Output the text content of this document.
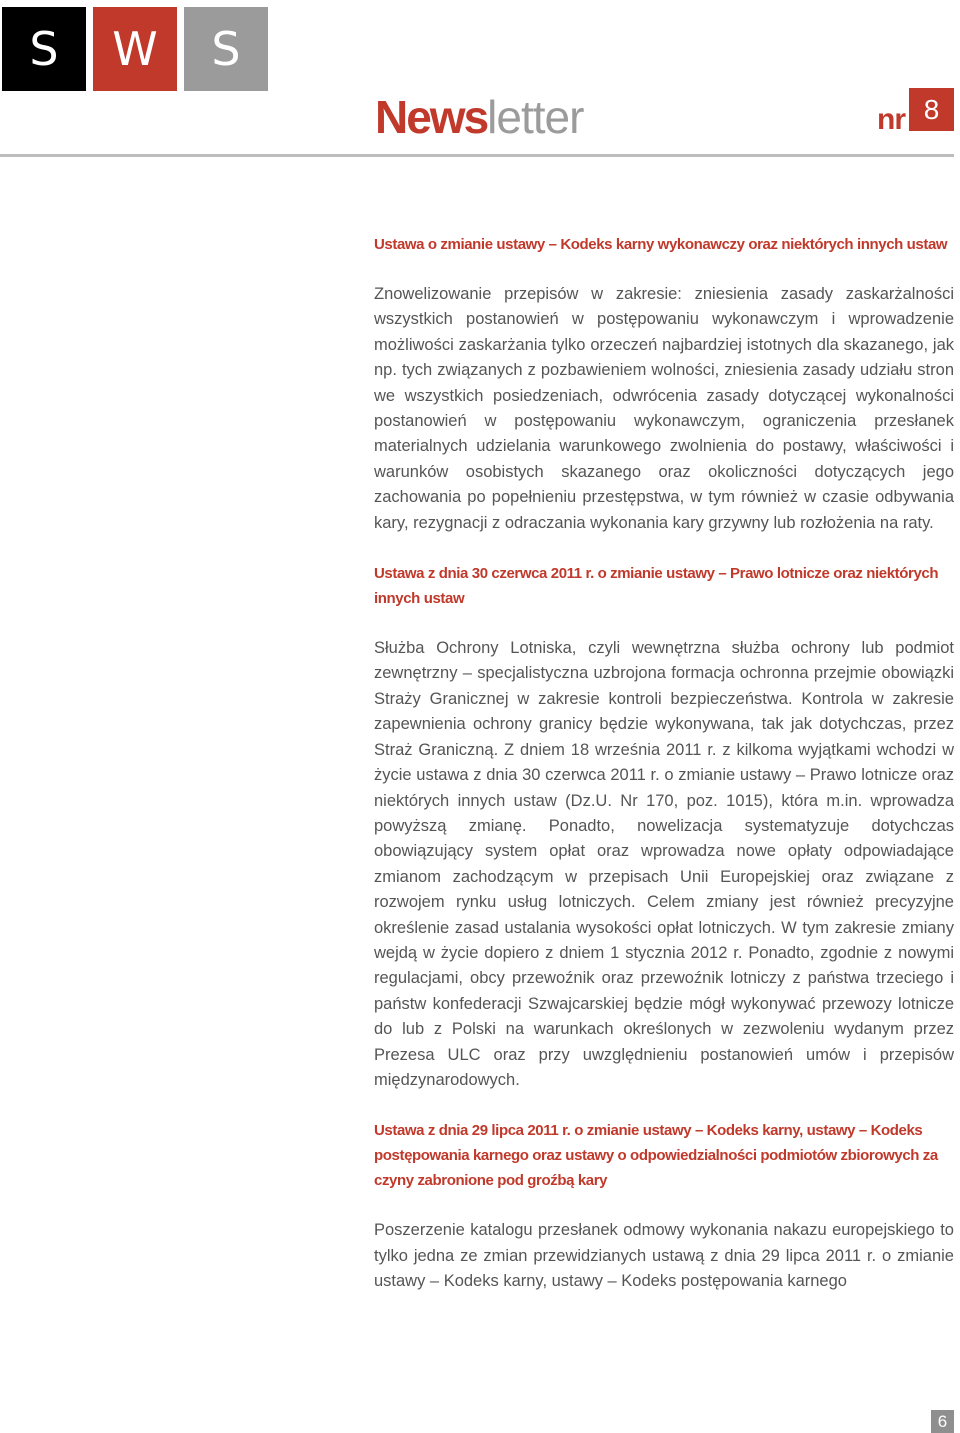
S	W	S
Newsletter	nr 8
Ustawa o zmianie ustawy – Kodeks karny wykonawczy oraz niektórych innych ustaw

Znowelizowanie przepisów w zakresie: zniesienia zasady zaskarżalności wszystkich postanowień w postępowaniu wykonawczym i wprowadzenie możliwości zaskarżania tylko orzeczeń najbardziej istotnych dla skazanego, jak np. tych związanych z pozbawieniem wolności, zniesienia zasady udziału stron we wszystkich posiedzeniach, odwrócenia zasady dotyczącej wykonalności postanowień w postępowaniu wykonawczym, ograniczenia przesłanek materialnych udzielania warunkowego zwolnienia do postawy, właściwości i warunków osobistych skazanego oraz okoliczności dotyczących jego zachowania po popełnieniu przestępstwa, w tym również w czasie odbywania kary, rezygnacji z odraczania wykonania kary grzywny lub rozłożenia na raty.

Ustawa z dnia 30 czerwca 2011 r. o zmianie ustawy – Prawo lotnicze oraz niektórych innych ustaw

Służba Ochrony Lotniska, czyli wewnętrzna służba ochrony lub podmiot zewnętrzny – specjalistyczna uzbrojona formacja ochronna przejmie obowiązki Straży Granicznej w zakresie kontroli bezpieczeństwa. Kontrola w zakresie zapewnienia ochrony granicy będzie wykonywana, tak jak dotychczas, przez Straż Graniczną. Z dniem 18 września 2011 r. z kilkoma wyjątkami wchodzi w życie ustawa z dnia 30 czerwca 2011 r. o zmianie ustawy – Prawo lotnicze oraz niektórych innych ustaw (Dz.U. Nr 170, poz. 1015), która m.in. wprowadza powyższą zmianę. Ponadto, nowelizacja systematyzuje dotychczas obowiązujący system opłat oraz wprowadza nowe opłaty odpowiadające zmianom zachodzącym w przepisach Unii Europejskiej oraz związane z rozwojem rynku usług lotniczych. Celem zmiany jest również precyzyjne określenie zasad ustalania wysokości opłat lotniczych. W tym zakresie zmiany wejdą w życie dopiero z dniem 1 stycznia 2012 r. Ponadto, zgodnie z nowymi regulacjami, obcy przewoźnik oraz przewoźnik lotniczy z państwa trzeciego i państw konfederacji Szwajcarskiej będzie mógł wykonywać przewozy lotnicze do lub z Polski na warunkach określonych w zezwoleniu wydanym przez Prezesa ULC oraz przy uwzględnieniu postanowień umów i przepisów międzynarodowych.

Ustawa z dnia 29 lipca 2011 r. o zmianie ustawy – Kodeks karny, ustawy – Kodeks postępowania karnego oraz ustawy o odpowiedzialności podmiotów zbiorowych za czyny zabronione pod groźbą kary

Poszerzenie katalogu przesłanek odmowy wykonania nakazu europejskiego to tylko jedna ze zmian przewidzianych ustawą z dnia 29 lipca 2011 r. o zmianie ustawy – Kodeks karny, ustawy – Kodeks postępowania karnego

6
